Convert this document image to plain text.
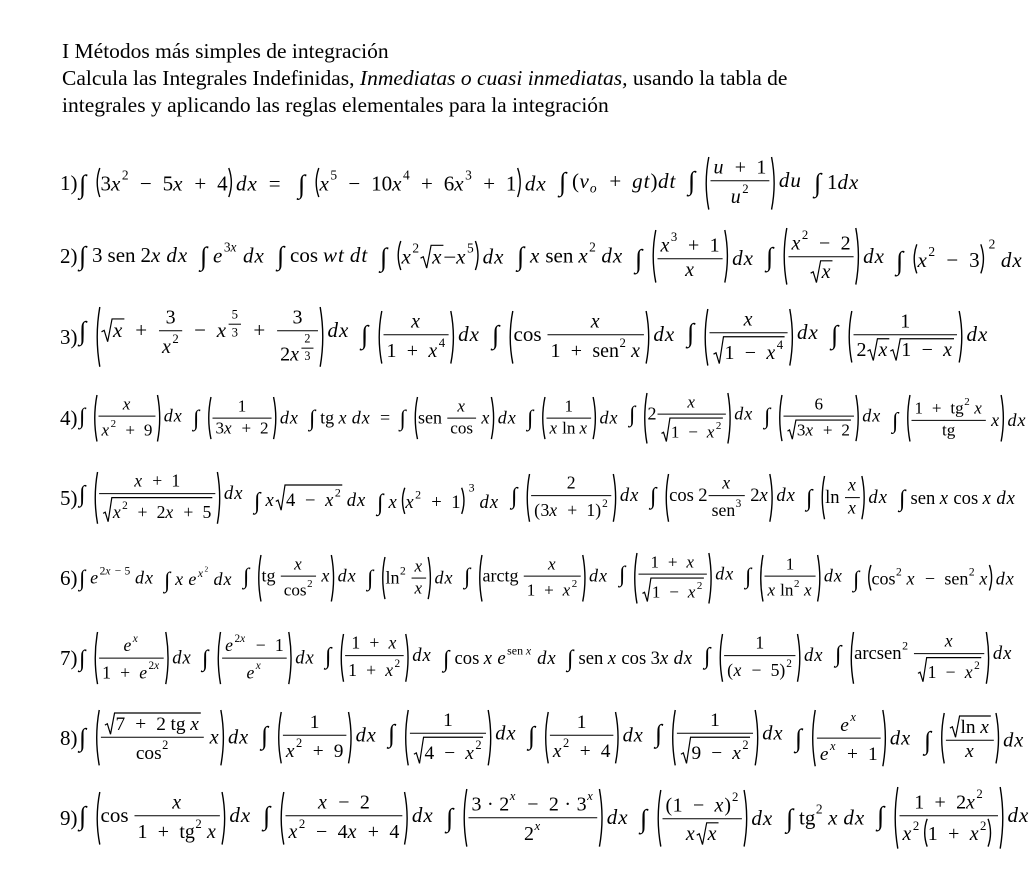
I Métodos más simples de integración
Calcula las Integrales Indefinidas, Inmediatas o cuasi inmediatas, usando la tabla de
integrales y aplicando las reglas elementales para la integración
1) ∫ 3 x 2 − 5 x + 4 d x = ∫ x 5 − 10 x 4 + 6 x 3 + 1 d x ∫ ( v o + g t ) d t ∫ u + 1
u 2 d u ∫ 1 d x
2) ∫ 3 sen 2 x d x ∫ e 3 x d x ∫ cos w t d t ∫ x 2 x x 5 d x ∫ x sen x 2 d x ∫ x 3 + 1
x
d x ∫ x 2 − 2
x
d x ∫ x 2 − 3
2
d x
3) ∫ x +
3
x 2 − x
5
3 +
3
2 x
2
3
d x ∫ x
1 + x 4 d x ∫ cos
x
1 + sen 2 x
d x ∫ x
1 − x 4
d x ∫	1
2 x 1 − x
d x
4) ∫ x
x 2 + 9
d x ∫ 1
3 x + 2
d x ∫ tg x d x = ∫ sen
x
cos
x d x ∫ 1
x ln x
d x ∫ 2
x
1 − x 2
d x ∫	6
3 x + 2
d x ∫ 1 + tg 2 x
tg
x d x
5) ∫
x + 1
x 2 + 2 x + 5
d x ∫ x 4 − x 2 d x ∫ x x 2 + 1
3
d x ∫
2
( 3 x + 1 ) 2 d x ∫ cos 2
x
sen 3 2 x d x ∫ ln
x
x d x ∫ sen x cos x d x
6) ∫ e 2 x − 5 d x ∫ x e x 2
d x ∫ tg
x
cos 2 x d x ∫ ln 2 x
x
d x ∫ arctg
x
1 + x 2 d x ∫ 1 + x
1 − x 2
d x ∫ 1
x ln 2 x
d x ∫ cos 2 x − sen 2 x d x
7) ∫
e x
1 + e 2 x d x ∫
e 2 x − 1
e x d x ∫
1 + x
1 + x 2 d x ∫ cos x e sen x d x ∫ sen x cos 3 x d x ∫
1
( x − 5 ) 2 d x ∫ arcsen 2 x
1 − x 2
d x
8) ∫ 7 + 2 tg x
cos 2 x d x ∫ 1
x 2 + 9
d x ∫ 1
4 − x 2
d x ∫ 1
x 2 + 4
d x ∫ 1
9 − x 2
d x ∫ e x
e x + 1
d x ∫ ln x
x
d x
9) ∫ cos
x
1 + tg 2 x
d x ∫ x − 2
x 2 − 4 x + 4
d x ∫ 3 · 2 x − 2 · 3 x
2 x	d x ∫ ( 1 − x ) 2
x x
d x ∫ tg 2 x d x ∫ 1 + 2 x 2
x 2 1 + x 2 d x
